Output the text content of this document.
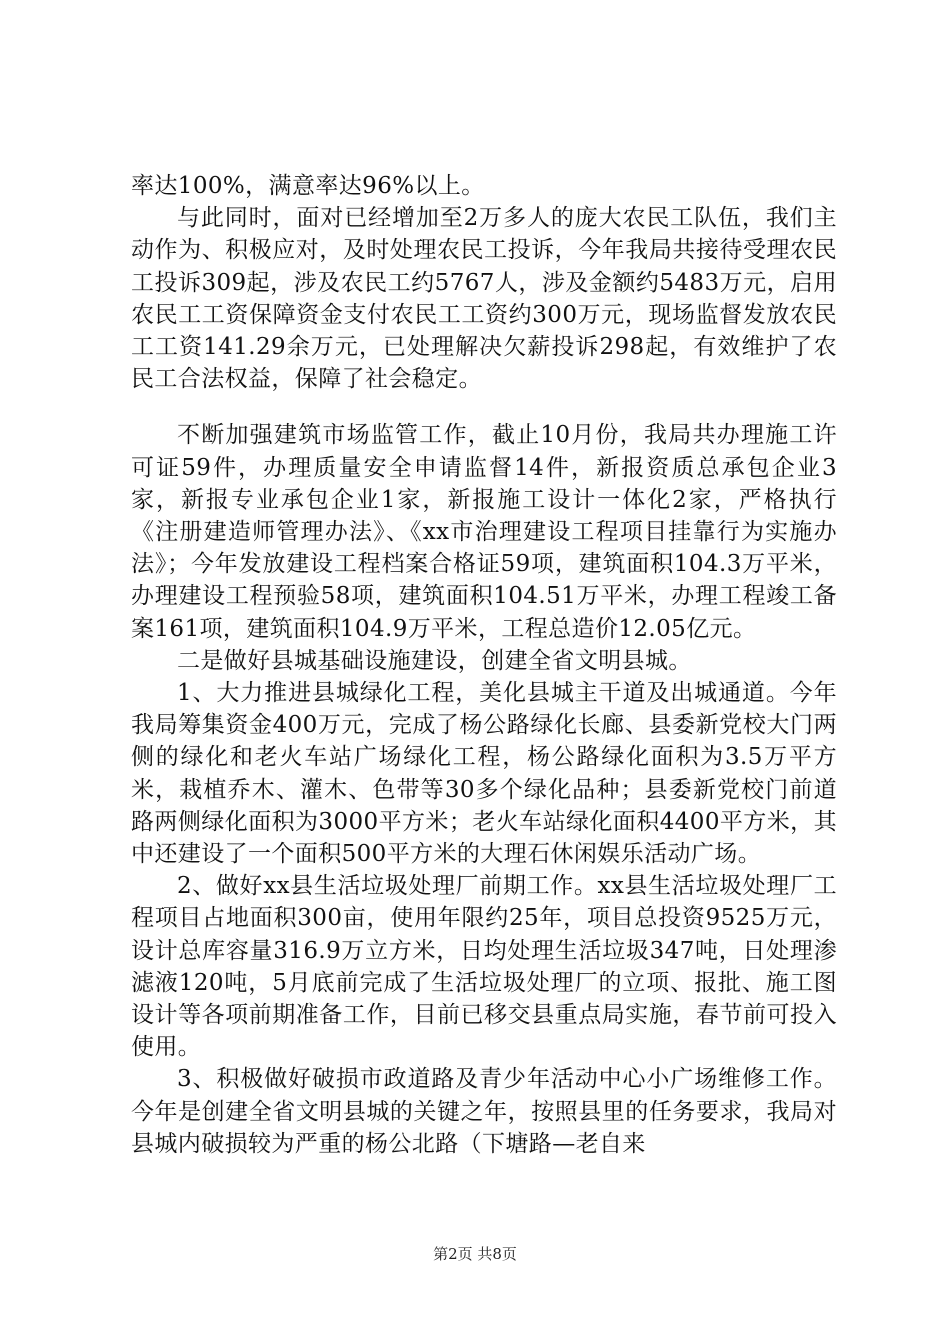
率达100%，满意率达96%以上。

与此同时，面对已经增加至2万多人的庞大农民工队伍，我们主动作为、积极应对，及时处理农民工投诉，今年我局共接待受理农民工投诉309起，涉及农民工约5767人，涉及金额约5483万元，启用农民工工资保障资金支付农民工工资约300万元，现场监督发放农民工工资141.29余万元，已处理解决欠薪投诉298起，有效维护了农民工合法权益，保障了社会稳定。

不断加强建筑市场监管工作，截止10月份，我局共办理施工许可证59件，办理质量安全申请监督14件，新报资质总承包企业3家，新报专业承包企业1家，新报施工设计一体化2家，严格执行《注册建造师管理办法》、《xx市治理建设工程项目挂靠行为实施办法》；今年发放建设工程档案合格证59项，建筑面积104.3万平米，办理建设工程预验58项，建筑面积104.51万平米，办理工程竣工备案161项，建筑面积104.9万平米，工程总造价12.05亿元。

二是做好县城基础设施建设，创建全省文明县城。

1、大力推进县城绿化工程，美化县城主干道及出城通道。今年我局筹集资金400万元，完成了杨公路绿化长廊、县委新党校大门两侧的绿化和老火车站广场绿化工程，杨公路绿化面积为3.5万平方米，栽植乔木、灌木、色带等30多个绿化品种；县委新党校门前道路两侧绿化面积为3000平方米；老火车站绿化面积4400平方米，其中还建设了一个面积500平方米的大理石休闲娱乐活动广场。

2、做好xx县生活垃圾处理厂前期工作。xx县生活垃圾处理厂工程项目占地面积300亩，使用年限约25年，项目总投资9525万元，设计总库容量316.9万立方米，日均处理生活垃圾347吨，日处理渗滤液120吨，5月底前完成了生活垃圾处理厂的立项、报批、施工图设计等各项前期准备工作，目前已移交县重点局实施，春节前可投入使用。

3、积极做好破损市政道路及青少年活动中心小广场维修工作。今年是创建全省文明县城的关键之年，按照县里的任务要求，我局对县城内破损较为严重的杨公北路（下塘路—老自来

第2页 共8页
